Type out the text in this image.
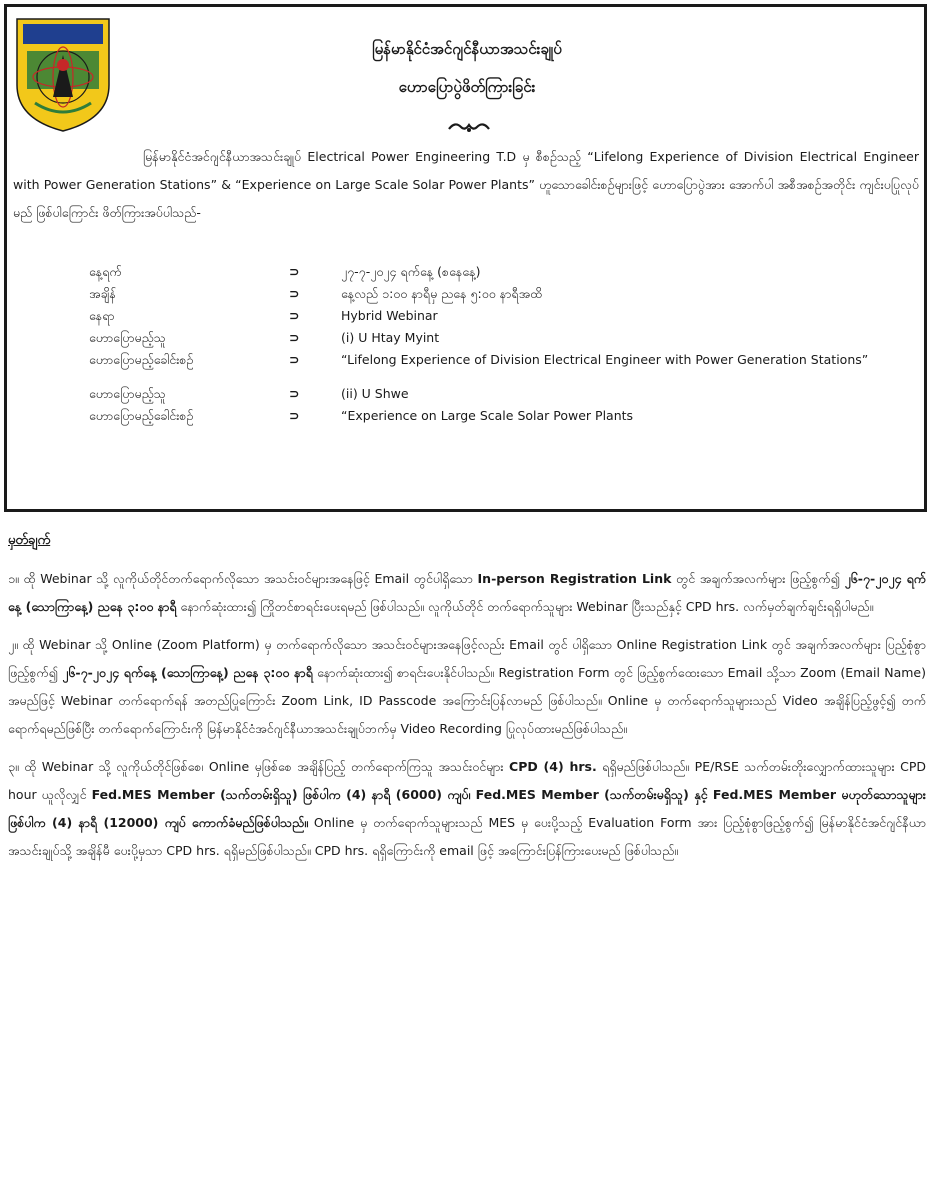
မြန်မာနိုင်ငံအင်ဂျင်နီယာအသင်းချုပ်
ဟောပြောပွဲဖိတ်ကြားခြင်း
မြန်မာနိုင်ငံအင်ဂျင်နီယာအသင်းချုပ် Electrical Power Engineering T.D မှ စီစဉ်သည့် “Lifelong Experience of Division Electrical Engineer with Power Generation Stations” & “Experience on Large Scale Solar Power Plants” ဟူသောခေါင်းစဉ်များဖြင့် ဟောပြောပွဲအား အောက်ပါ အစီအစဉ်အတိုင်း ကျင်းပပြုလုပ်မည် ဖြစ်ပါကြောင်း ဖိတ်ကြားအပ်ပါသည်-
နေ့ရက်	⊃	၂၇-၇-၂၀၂၄ ရက်နေ့ (စနေနေ့)
အချိန်	⊃	နေ့လည် ၁:၀၀ နာရီမှ ညနေ ၅:၀၀ နာရီအထိ
နေရာ	⊃	Hybrid Webinar
ဟောပြောမည့်သူ	⊃	(i) U Htay Myint
ဟောပြောမည့်ခေါင်းစဉ်	⊃	“Lifelong Experience of Division Electrical Engineer with Power Generation Stations”
ဟောပြောမည့်သူ	⊃	(ii) U Shwe
ဟောပြောမည့်ခေါင်းစဉ်	⊃	“Experience on Large Scale Solar Power Plants

မှတ်ချက်

၁။ ထို Webinar သို့ လူကိုယ်တိုင်တက်ရောက်လိုသော အသင်းဝင်များအနေဖြင့် Email တွင်ပါရှိသော In-person Registration Link တွင် အချက်အလက်များ ဖြည့်စွက်၍ ၂၆-၇-၂၀၂၄ ရက်နေ့ (သောကြာနေ့) ညနေ ၃:၀၀ နာရီ နောက်ဆုံးထား၍ ကြိုတင်စာရင်းပေးရမည် ဖြစ်ပါသည်။ လူကိုယ်တိုင် တက်ရောက်သူများ Webinar ပြီးသည်နှင့် CPD hrs. လက်မှတ်ချက်ချင်းရရှိပါမည်။

၂။ ထို Webinar သို့ Online (Zoom Platform) မှ တက်ရောက်လိုသော အသင်းဝင်များအနေဖြင့်လည်း Email တွင် ပါရှိသော Online Registration Link တွင် အချက်အလက်များ ပြည့်စုံစွာ ဖြည့်စွက်၍ ၂၆-၇-၂၀၂၄ ရက်နေ့ (သောကြာနေ့) ညနေ ၃:၀၀ နာရီ နောက်ဆုံးထား၍ စာရင်းပေးနိုင်ပါသည်။ Registration Form တွင် ဖြည့်စွက်ထေးသော Email သို့သာ Zoom (Email Name) အမည်ဖြင့် Webinar တက်ရောက်ရန် အတည်ပြုကြောင်း Zoom Link, ID Passcode အကြောင်းပြန်လာမည် ဖြစ်ပါသည်။ Online မှ တက်ရောက်သူများသည် Video အချိန်ပြည့်ဖွင့်၍ တက်ရောက်ရမည်ဖြစ်ပြီး တက်ရောက်ကြောင်းကို မြန်မာနိုင်ငံအင်ဂျင်နီယာအသင်းချုပ်ဘက်မှ Video Recording ပြုလုပ်ထားမည်ဖြစ်ပါသည်။

၃။ ထို Webinar သို့ လူကိုယ်တိုင်ဖြစ်စေ၊ Online မှဖြစ်စေ အချိန်ပြည့် တက်ရောက်ကြသူ အသင်းဝင်များ CPD (4) hrs. ရရှိမည်ဖြစ်ပါသည်။ PE/RSE သက်တမ်းတိုးလျှောက်ထားသူများ CPD hour ယူလိုလျှင် Fed.MES Member (သက်တမ်းရှိသူ) ဖြစ်ပါက (4) နာရီ (6000) ကျပ်၊ Fed.MES Member (သက်တမ်းမရှိသူ) နှင့် Fed.MES Member မဟုတ်သောသူများ ဖြစ်ပါက (4) နာရီ (12000) ကျပ် ကောက်ခံမည်ဖြစ်ပါသည်။ Online မှ တက်ရောက်သူများသည် MES မှ ပေးပို့သည့် Evaluation Form အား ပြည့်စုံစွာဖြည့်စွက်၍ မြန်မာနိုင်ငံအင်ဂျင်နီယာအသင်းချုပ်သို့ အချိန်မီ ပေးပို့မှသာ CPD hrs. ရရှိမည်ဖြစ်ပါသည်။ CPD hrs. ရရှိကြောင်းကို email ဖြင့် အကြောင်းပြန်ကြားပေးမည် ဖြစ်ပါသည်။
